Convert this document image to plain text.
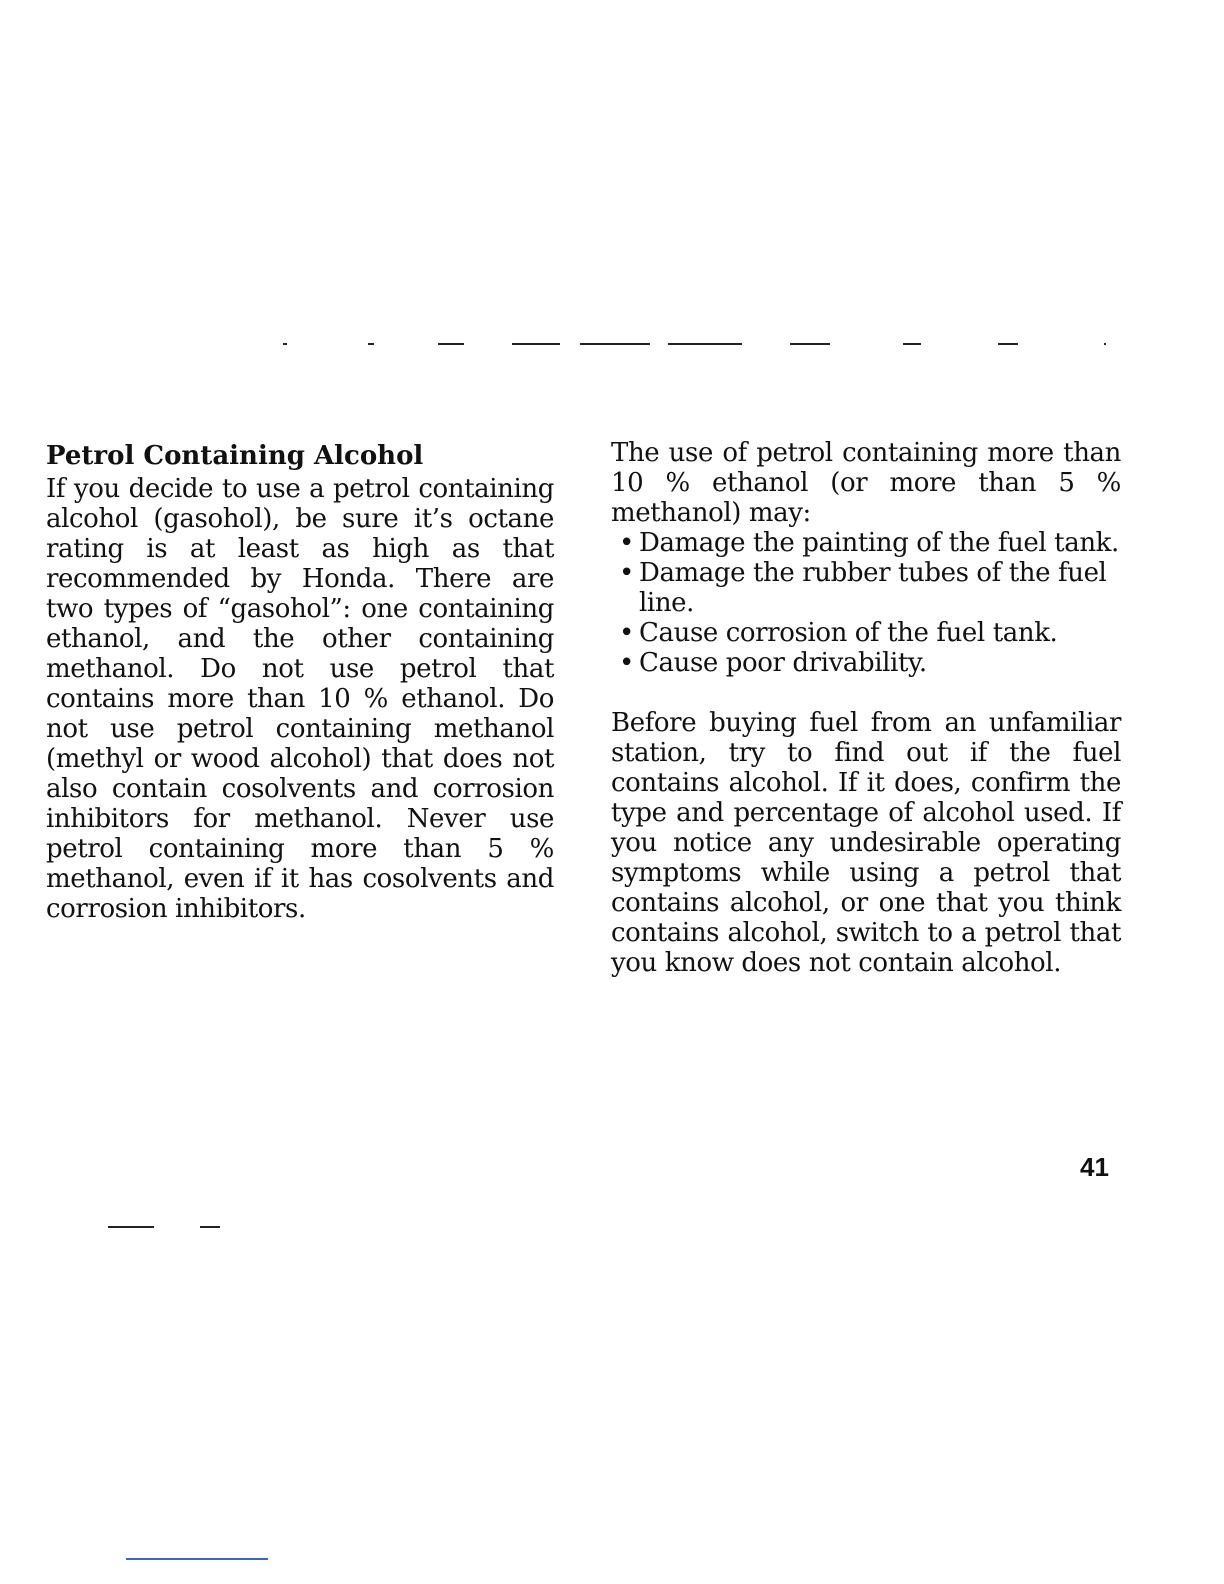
Petrol Containing Alcohol

If you decide to use a petrol containing alcohol (gasohol), be sure it’s octane rating is at least as high as that recommended by Honda. There are two types of “gasohol”: one containing ethanol, and the other containing methanol. Do not use petrol that contains more than 10 % ethanol. Do not use petrol containing methanol (methyl or wood alcohol) that does not also contain cosolvents and corrosion inhibitors for methanol. Never use petrol containing more than 5 % methanol, even if it has cosolvents and corrosion inhibitors.

The use of petrol containing more than 10 % ethanol (or more than 5 % methanol) may:

• Damage the painting of the fuel tank.
• Damage the rubber tubes of the fuel line.
• Cause corrosion of the fuel tank.
• Cause poor drivability.

Before buying fuel from an unfamiliar station, try to find out if the fuel contains alcohol. If it does, confirm the type and percentage of alcohol used. If you notice any undesirable operating symptoms while using a petrol that contains alcohol, or one that you think contains alcohol, switch to a petrol that you know does not contain alcohol.

41
